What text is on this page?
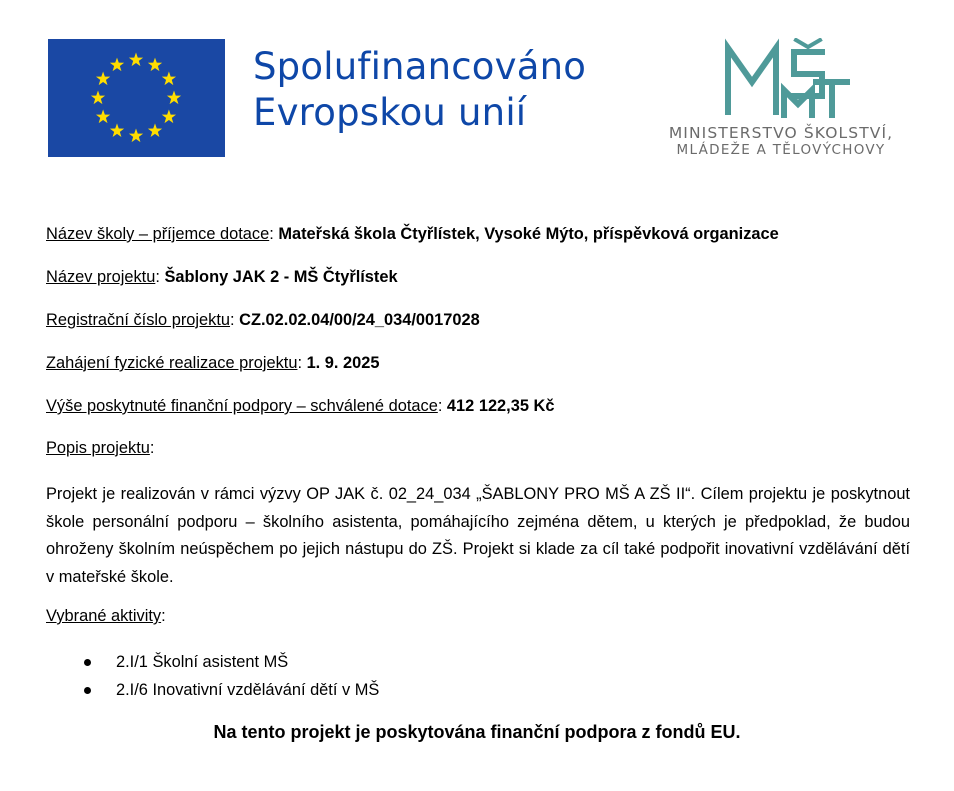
Spolufinancováno
Evropskou unií	MINISTERSTVO ŠKOLSTVÍ,
MLÁDEŽE A TĚLOVÝCHOVY
Název školy – příjemce dotace: Mateřská škola Čtyřlístek, Vysoké Mýto, příspěvková organizace
Název projektu: Šablony JAK 2 - MŠ Čtyřlístek
Registrační číslo projektu: CZ.02.02.04/00/24_034/0017028
Zahájení fyzické realizace projektu: 1. 9. 2025
Výše poskytnuté finanční podpory – schválené dotace: 412 122,35 Kč
Popis projektu:
Projekt je realizován v rámci výzvy OP JAK č. 02_24_034 „ŠABLONY PRO MŠ A ZŠ II“. Cílem projektu je poskytnout škole personální podporu – školního asistenta, pomáhajícího zejména dětem, u kterých je předpoklad, že budou ohroženy školním neúspěchem po jejich nástupu do ZŠ. Projekt si klade za cíl také podpořit inovativní vzdělávání dětí v mateřské škole.
Vybrané aktivity:
2.I/1 Školní asistent MŠ
2.I/6 Inovativní vzdělávání dětí v MŠ
Na tento projekt je poskytována finanční podpora z fondů EU.
